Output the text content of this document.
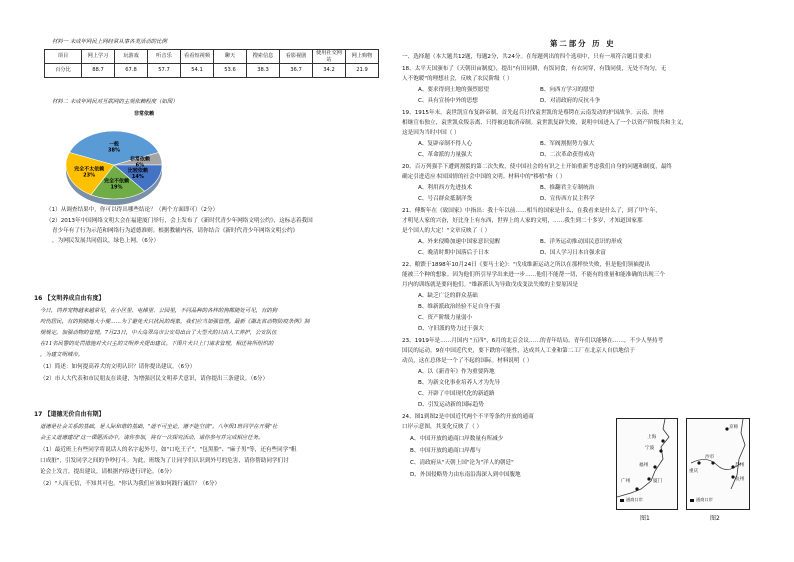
材料一 未成年网民上网经常从事各类活动的比例
项目	网上学习	玩游戏	听音乐	看看短视频	聊天	搜索信息	看影视剧	使用社交网站	网上购物
百分比	88.7	67.8	57.7	54.1	53.6	38.3	36.7	34.2	21.9
材料二 未成年网民对互联网的主观依赖程度（如图）
一般
38%
非常依赖
6%
比较依赖
14%
完全不依赖
19%
完全不太依赖
23%
非常依赖
（1）从调查结果中，你可以得出哪些结论？（两个方面即可）（2分）
（2）2013年中国网络文明大会在福建厦门举行，会上发布了《新时代青少年网络文明公约》，这标志着我国
青少年有了行为示范和网络行为道德准则。根据教辅内容，请你结合《新时代青少年网络文明公约》
，为网民发展共同倡议，绿色上网。（6分）
16 【文明养成自由有度】
今日，饲养宠物越来越常见，在小区里、电梯里、公园里，不同品种的各样的狗都随处可见，有的狗
咬伤居民，有的狗随地大小便……为了避免犬只扰民的现象，我们应当加强管理。最新《湖北省动物防疫条例》制
规规定，加强动物的管理。7月23日，中大岛翠岛市公安局出台了大型犬的只由人工养护，公安队伍
在11名民警的处罚措施对犬只主的文明养犬提出建议。下图片犬只上门请求管理，相还将所组织的
，为建文明城市。
（1）简述：如何提高养犬的文明认识？请你提出建议。（6分）
（2）市人大代表和市民朋友在谈建，为增强居民文明养犬意识，请你提出三条建议。（6分）
17 【道德无价自由有期】
道德是社会关系的基础，是人际和谐的基础，"道不可坐论，德不能空谈"。八年级1班同学在开展"社
会主义道德建设"这一课题活动中，请你参加，将有一次探究活动，请你参与并完成相应任务。
（1）最近班上有些同学将说话人的名字起外号，如"口吃王子"，"包黑脸"、"麻子男"等，还有些同学"粗
口成脏"，引发同学之间的争吵打斗。为此，班级为了让同学们认识到外号的危害，请你帮助同学们讨
论会上发言，提出建议，请根据内容进行评论。（6分）
（2）"人而无信，不知其可也。"你认为我们应该如何践行诚信？（6分）
第二部分 历 史
一、选择题（本大题共12题，每题2分，共24分。在每题列出的四个选项中，只有一项符合题目要求）
18、太平天国颁布了《天朝田亩制度》，提出"有田同耕，有饭同食，有衣同穿，有钱同使，无处不均匀，无
人不饱暖"的理想社会，反映了农民阶级（ ）
A、要求得到土地的强烈愿望	B、向西方学习的愿望
C、具有宣扬中外的思想	D、对清政府的反抗斗争
19、1915年末，袁世凯宣布复辟帝制，首先起兵讨伐袁世凯的是蔡锷在云南发动的护国战争。云南、贵州
相继宣布独立，袁世凯众叛亲离，只得被迫取消帝制。袁世凯复辟失败，说明中国进入了一个以资产阶级共和主义，
这是因为当时中国（ ）
A、复辟帝制不得人心	B、军阀割据势力强大
C、革命派的力量强大	D、二次革命获得成功
20、百万列强手下遭到割裂的第二次失败，使中国社会的有识之士开始重新考虑我们自身的问题和制度，最终
确定引进适应本国国情的社会中国的文明。材料中的"移植"指（ ）
A、利用西方先进技术	B、推翻君主专制统治
C、号召群众抵制洋货	D、宣传西方民主科学
21、傅斯年在《致国家》中指出：我十年以前……相当的国家是什么，在我看来是什么了，到了甲午年，
才明见人家的兴奋，好比身上有东西，世界上的人家的文明，……我生到二十多岁，才知道国家那
是个国人的大定！"文章反映了（ ）
A、外来侵略加速中国家意识觉醒	B、洋务运动推动国民意识的形成
C、晚清时期中国落后于日本	D、国人学习日本自强求富
22、粮馈于1898年10月24日《要马士论》："戊戌维新运动之所以在那样快失败，但是他们领袖提出
能被三个种的想象。因为他们所引导学出来进一步……他们不能帮一切，不能有的重量和能准确的出现三个
月内的训练就是要问他们。"维新派认为导致戊戌变法失败的主要原因是
A、缺乏广泛的群众基础
B、维新派政治经验不足自身不强
C、资产阶级力量弱小
D、守旧派的势力过于强大
23、1919年是……月国内 "五四"，6月的北京会议……的青年结局。青年们以能够在……，不少人坚持考
国民的运动。9在中国近代史，要下跌的可能性，达成其人工业和第二工厂在北京人自信地信于
动员，这在总体是一个了不起的国际。材料说明（ ）
A、以《新青年》作为重要阵地
B、为新文化事业培养人才为先导
C、开辟了中国现代化的新道路
D、引发运动新的国际趋势
24、图1到图2是中国近代两个不平等条约开放的通商
口岸示意图，其变化反映了（ ）
A、中国开放的通商口岸数量有所减少
B、中国开放的通商口岸都与
C、清政府从"天朝上国"沦为"洋人的朝廷"
D、外国侵略势力由东南沿海深入到中国腹地
上海
宁波
福州
广州	厦门
通商口岸
图1
京师
重庆
沙市
苏州
杭州
通商口岸
图2
